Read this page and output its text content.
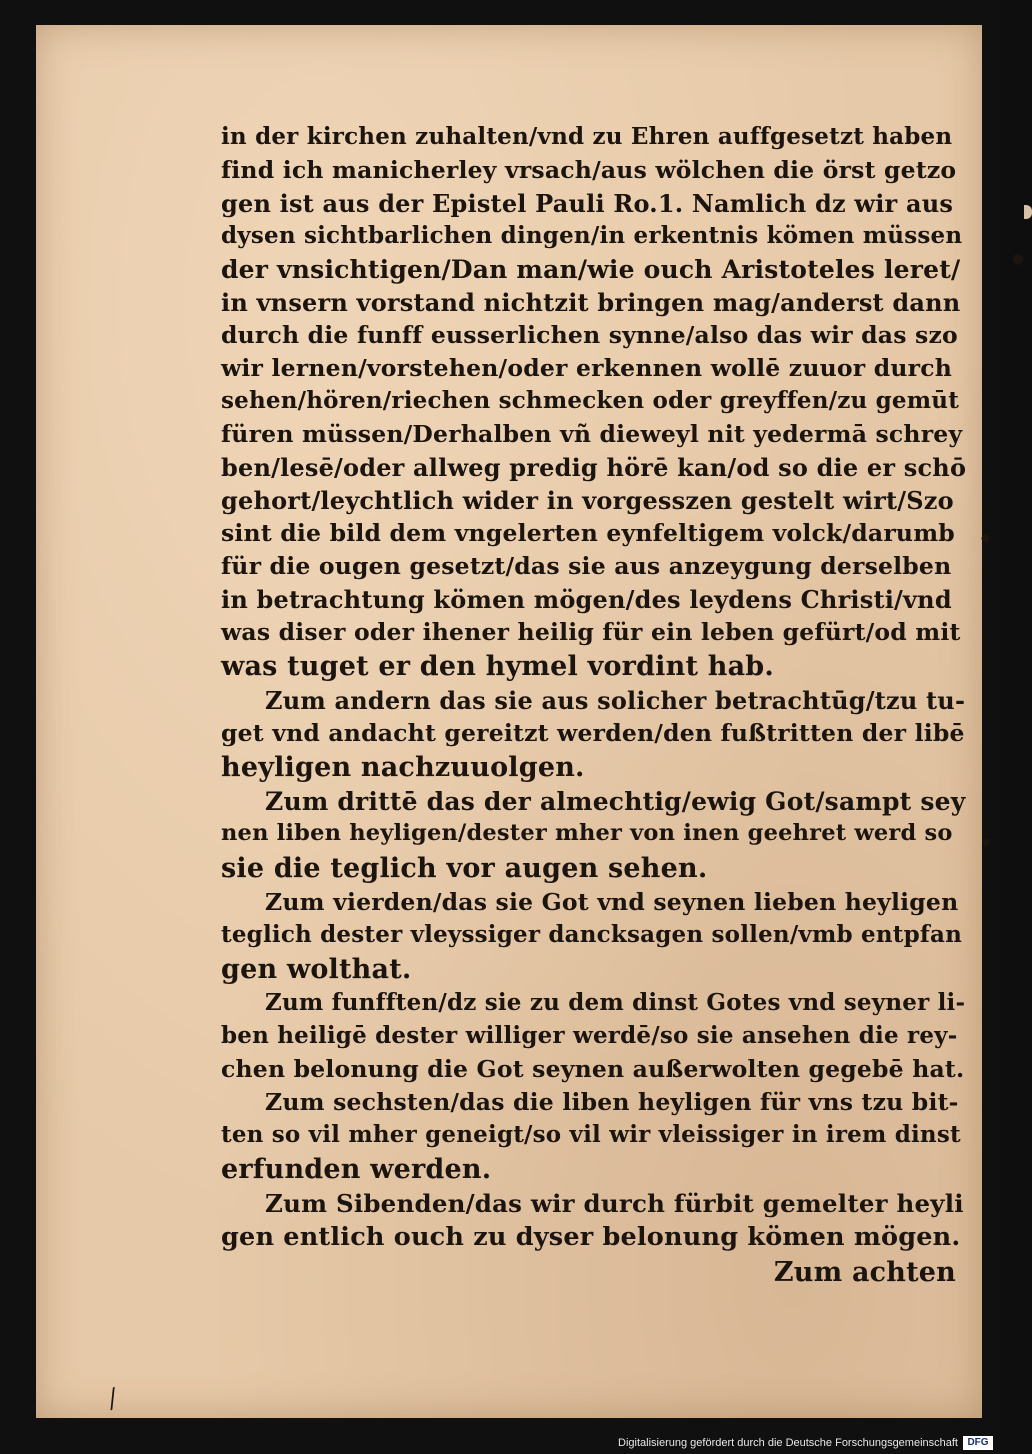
in der kirchen zuhalten/vnd zu Ehren auffgesetzt haben
find ich manicherley vrsach/aus wölchen die örst getzo
gen ist aus der Epistel Pauli Ro.1. Namlich dz wir aus
dysen sichtbarlichen dingen/in erkentnis kömen müssen
der vnsichtigen/Dan man/wie ouch Aristoteles leret/
in vnsern vorstand nichtzit bringen mag/anderst dann
durch die funff eusserlichen synne/also das wir das szo
wir lernen/vorstehen/oder erkennen wollē zuuor durch
sehen/hören/riechen schmecken oder greyffen/zu gemūt
füren müssen/Derhalben vñ dieweyl nit yedermā schrey
ben/lesē/oder allweg predig hörē kan/od so die er schō
gehort/leychtlich wider in vorgesszen gestelt wirt/Szo
sint die bild dem vngelerten eynfeltigem volck/darumb
für die ougen gesetzt/das sie aus anzeygung derselben
in betrachtung kömen mögen/des leydens Christi/vnd
was diser oder ihener heilig für ein leben gefürt/od mit
was tuget er den hymel vordint hab.
Zum andern das sie aus solicher betrachtūg/tzu tu-
get vnd andacht gereitzt werden/den fußtritten der libē
heyligen nachzuuolgen.
Zum drittē das der almechtig/ewig Got/sampt sey
nen liben heyligen/dester mher von inen geehret werd so
sie die teglich vor augen sehen.
Zum vierden/das sie Got vnd seynen lieben heyligen
teglich dester vleyssiger dancksagen sollen/vmb entpfan
gen wolthat.
Zum funfften/dz sie zu dem dinst Gotes vnd seyner li-
ben heiligē dester williger werdē/so sie ansehen die rey-
chen belonung die Got seynen außerwolten gegebē hat.
Zum sechsten/das die liben heyligen für vns tzu bit-
ten so vil mher geneigt/so vil wir vleissiger in irem dinst
erfunden werden.
Zum Sibenden/das wir durch fürbit gemelter heyli
gen entlich ouch zu dyser belonung kömen mögen.
Zum achten
●
●
●
⁄
Digitalisierung gefördert durch die Deutsche Forschungsgemeinschaft DFG
